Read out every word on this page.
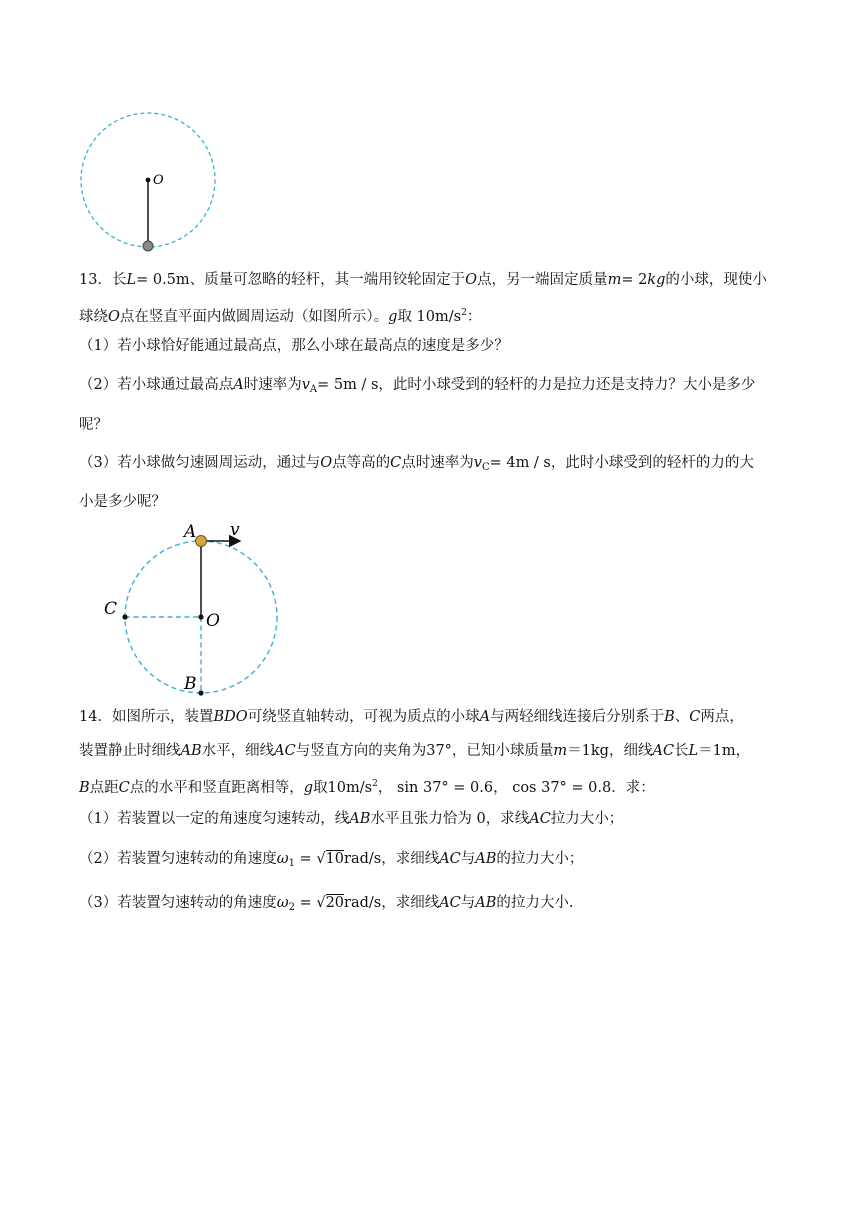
O
13．长L= 0.5m、质量可忽略的轻杆，其一端用铰轮固定于O点，另一端固定质量m= 2kg的小球，现使小
球绕O点在竖直平面内做圆周运动（如图所示）。g取 $10m/s^2$：
（1）若小球恰好能通过最高点，那么小球在最高点的速度是多少？
（2）若小球通过最高点A时速率为$v_A= 5m / s$，此时小球受到的轻杆的力是拉力还是支持力？大小是多少
呢？
（3）若小球做匀速圆周运动，通过与O点等高的C点时速率为$v_C= 4m / s$，此时小球受到的轻杆的力的大
小是多少呢？
A v
C
O
B
14．如图所示，装置BDO可绕竖直轴转动，可视为质点的小球A与两轻细线连接后分别系于B、C两点，
装置静止时细线AB水平，细线AC与竖直方向的夹角为37°，已知小球质量m＝1kg，细线AC长L＝1m，
B点距C点的水平和竖直距离相等，g取$10m/s^2$， sin 37° = 0.6， cos 37° = 0.8．求：
（1）若装置以一定的角速度匀速转动，线AB水平且张力恰为 0，求线AC拉力大小；
（2）若装置匀速转动的角速度$\omega_1 = √10rad/s$，求细线AC与AB的拉力大小；
（3）若装置匀速转动的角速度$\omega_2 = √20rad/s$，求细线AC与AB的拉力大小.
